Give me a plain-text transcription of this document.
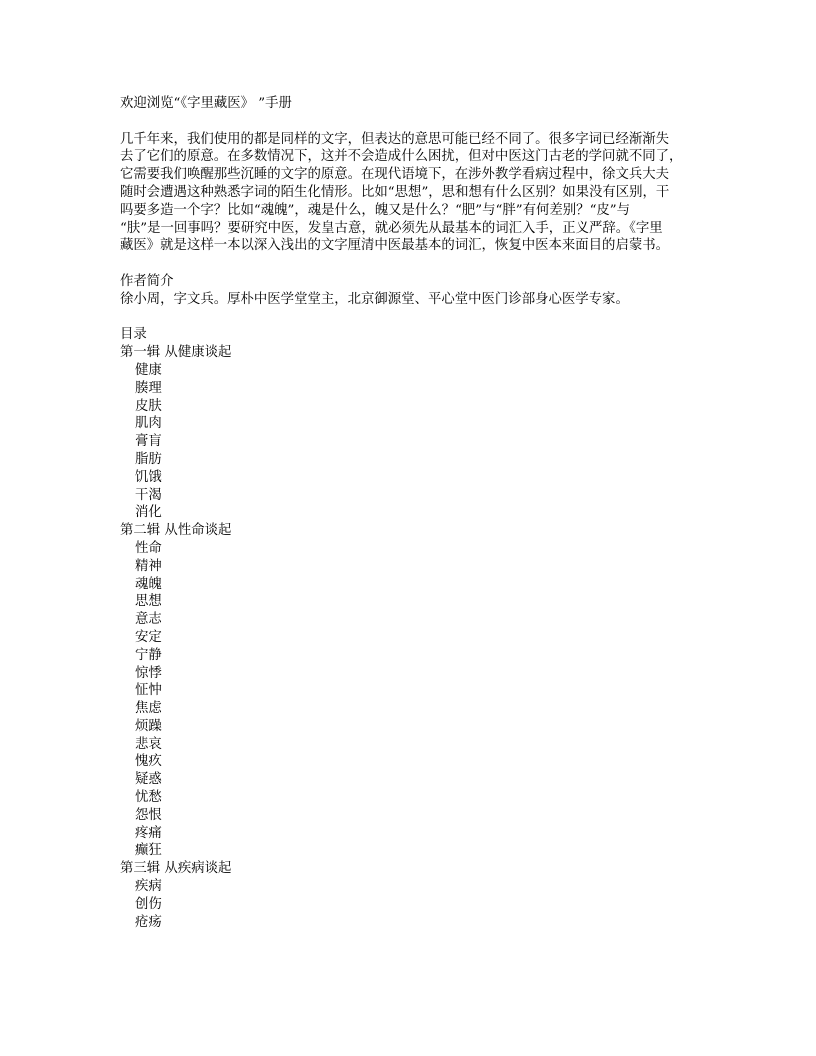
欢迎浏览“《字里藏医》 ”手册
几千年来，我们使用的都是同样的文字，但表达的意思可能已经不同了。很多字词已经渐渐失
去了它们的原意。在多数情况下，这并不会造成什么困扰，但对中医这门古老的学问就不同了，
它需要我们唤醒那些沉睡的文字的原意。在现代语境下，在涉外教学看病过程中，徐文兵大夫
随时会遭遇这种熟悉字词的陌生化情形。比如“思想”，思和想有什么区别？如果没有区别，干
吗要多造一个字？比如“魂魄”，魂是什么，魄又是什么？“肥”与“胖”有何差别？“皮”与
“肤”是一回事吗？要研究中医，发皇古意，就必须先从最基本的词汇入手，正义严辞。《字里
藏医》就是这样一本以深入浅出的文字厘清中医最基本的词汇，恢复中医本来面目的启蒙书。
作者简介
徐小周，字文兵。厚朴中医学堂堂主，北京御源堂、平心堂中医门诊部身心医学专家。
目录
第一辑 从健康谈起
健康
腠理
皮肤
肌肉
膏肓
脂肪
饥饿
干渴
消化
第二辑 从性命谈起
性命
精神
魂魄
思想
意志
安定
宁静
惊悸
怔忡
焦虑
烦躁
悲哀
愧疚
疑惑
忧愁
怨恨
疼痛
癫狂
第三辑 从疾病谈起
疾病
创伤
疮疡
